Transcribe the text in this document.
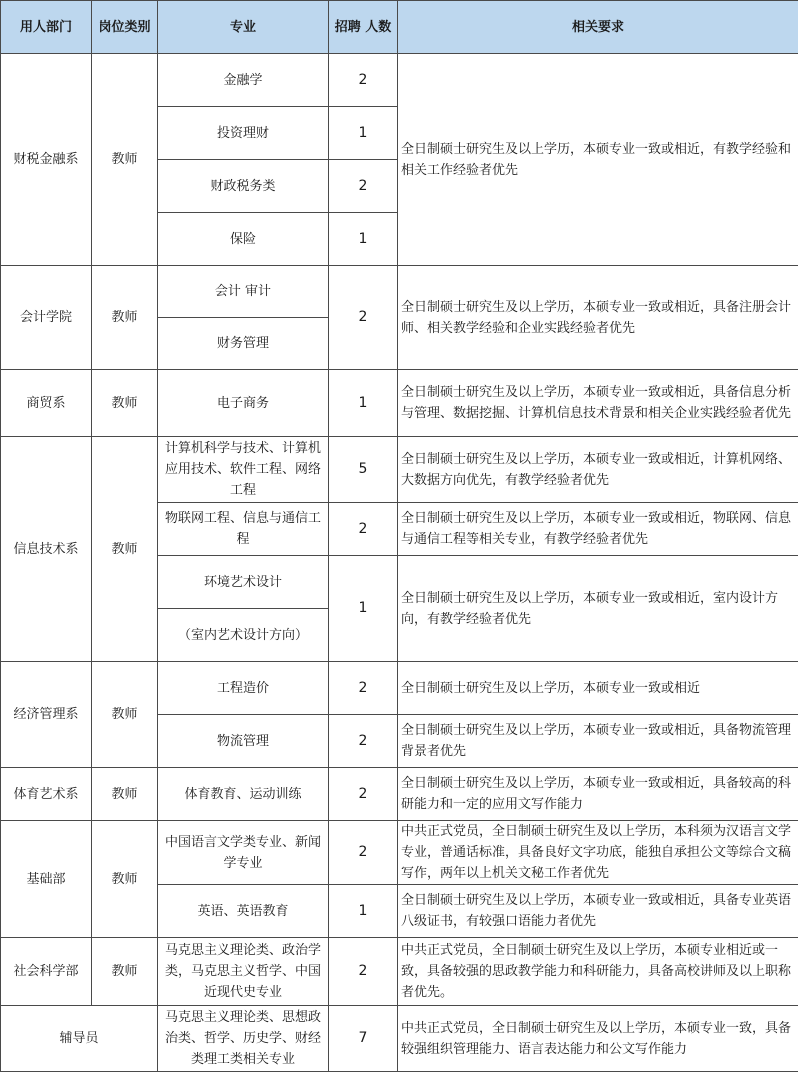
用人部门	岗位类别	专业	招聘 人数	相关要求
财税金融系	教师	金融学	2	全日制硕士研究生及以上学历，本硕专业一致或相近，有教学经验和相关工作经验者优先
		投资理财	1	
		财政税务类	2	
		保险	1	
会计学院	教师	会计 审计	2	全日制硕士研究生及以上学历，本硕专业一致或相近，具备注册会计师、相关教学经验和企业实践经验者优先
		财务管理		
商贸系	教师	电子商务	1	全日制硕士研究生及以上学历，本硕专业一致或相近，具备信息分析与管理、数据挖掘、计算机信息技术背景和相关企业实践经验者优先
信息技术系	教师	计算机科学与技术、计算机应用技术、软件工程、网络工程	5	全日制硕士研究生及以上学历，本硕专业一致或相近，计算机网络、大数据方向优先，有教学经验者优先
		物联网工程、信息与通信工程	2	全日制硕士研究生及以上学历，本硕专业一致或相近，物联网、信息与通信工程等相关专业，有教学经验者优先
		环境艺术设计	1	全日制硕士研究生及以上学历，本硕专业一致或相近，室内设计方向，有教学经验者优先
		（室内艺术设计方向）		
经济管理系	教师	工程造价	2	全日制硕士研究生及以上学历，本硕专业一致或相近
		物流管理	2	全日制硕士研究生及以上学历，本硕专业一致或相近，具备物流管理背景者优先
体育艺术系	教师	体育教育、运动训练	2	全日制硕士研究生及以上学历，本硕专业一致或相近，具备较高的科研能力和一定的应用文写作能力
基础部	教师	中国语言文学类专业、新闻学专业	2	中共正式党员，全日制硕士研究生及以上学历，本科须为汉语言文学专业，普通话标准，具备良好文字功底，能独自承担公文等综合文稿写作，两年以上机关文秘工作者优先
		英语、英语教育	1	全日制硕士研究生及以上学历，本硕专业一致或相近，具备专业英语八级证书，有较强口语能力者优先
社会科学部	教师	马克思主义理论类、政治学类，马克思主义哲学、中国近现代史专业	2	中共正式党员，全日制硕士研究生及以上学历，本硕专业相近或一致，具备较强的思政教学能力和科研能力，具备高校讲师及以上职称者优先。
辅导员		马克思主义理论类、思想政治类、哲学、历史学、财经类理工类相关专业	7	中共正式党员，全日制硕士研究生及以上学历，本硕专业一致，具备较强组织管理能力、语言表达能力和公文写作能力
